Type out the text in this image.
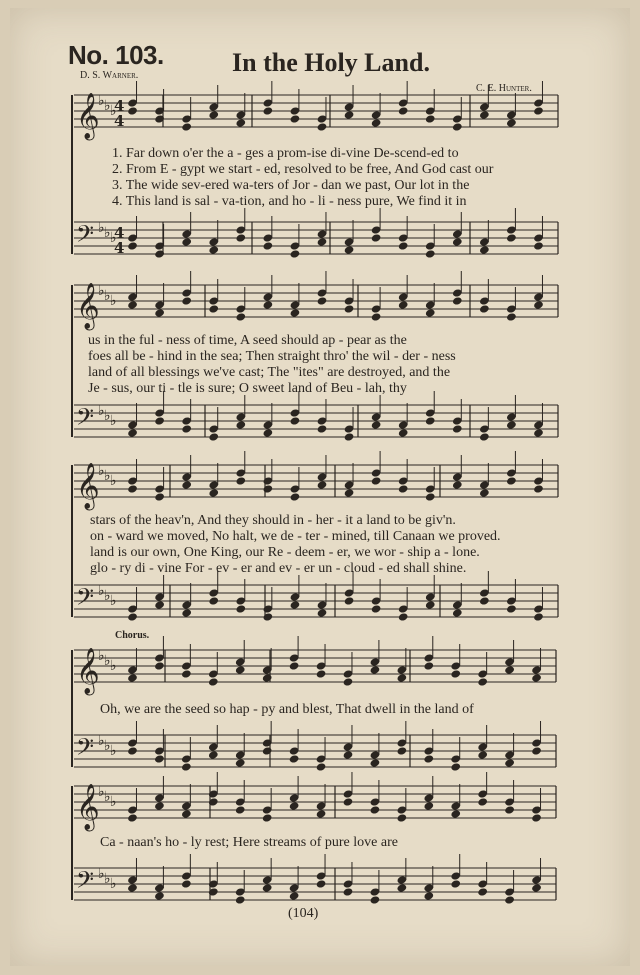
No. 103.	In the Holy Land.
D. S. Warner.
C. E. Hunter.
𝄞
♭ ♭ ♭
𝄢 ♭ ♭ ♭
𝄞
♭ ♭ ♭
𝄢 ♭ ♭ ♭
𝄞
♭ ♭ ♭
𝄢 ♭ ♭ ♭
𝄞
♭ ♭ ♭
𝄢 ♭ ♭ ♭
𝄞
♭ ♭ ♭
𝄢 ♭ ♭ ♭
4
4
4
4
1. Far down o'er the a - ges a prom-ise di-vine De-scend-ed to
2. From E - gypt we start - ed, resolved to be free, And God cast our
3. The wide sev-ered wa-ters of Jor - dan we past, Our lot in the
4. This land is sal - va-tion, and ho - li - ness pure, We find it in
us in the ful - ness of time, A seed should ap - pear as the
foes all be - hind in the sea; Then straight thro' the wil - der - ness
land of all blessings we've cast; The "ites" are destroyed, and the
Je - sus, our ti - tle is sure; O sweet land of Beu - lah, thy
stars of the heav'n, And they should in - her - it a land to be giv'n.
on - ward we moved, No halt, we de - ter - mined, till Canaan we proved.
land is our own, One King, our Re - deem - er, we wor - ship a - lone.
glo - ry di - vine For - ev - er and ev - er un - cloud - ed shall shine.
Chorus.
Oh, we are the seed so hap - py and blest, That dwell in the land of
Ca - naan's ho - ly rest; Here streams of pure love are
(104)
